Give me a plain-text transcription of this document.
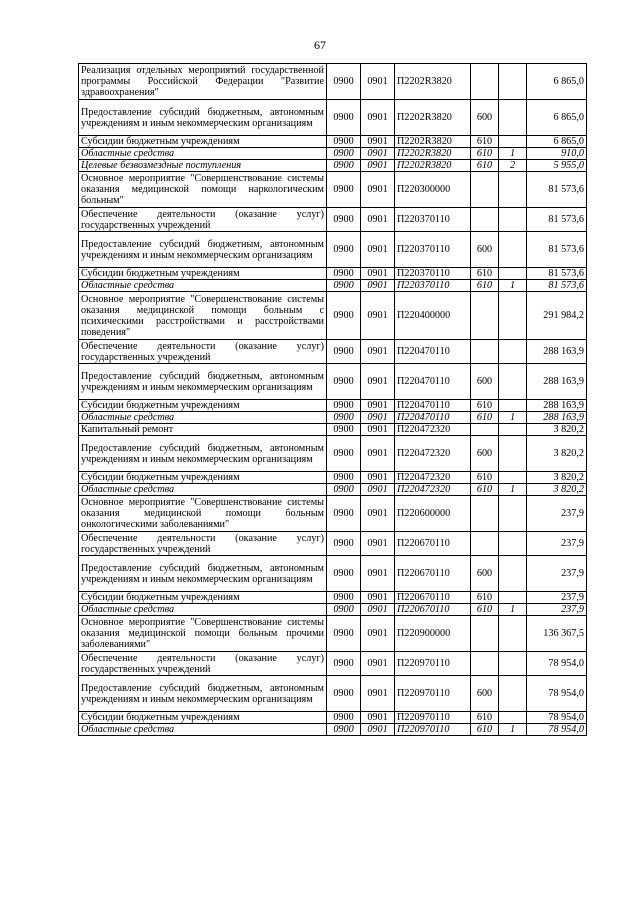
67
Реализация отдельных мероприятий государственной программы Российской Федерации "Развитие здравоохранения"	0900	0901	П2202R3820			6 865,0
Предоставление субсидий бюджетным, автономным учреждениям и иным некоммерческим организациям	0900	0901	П2202R3820	600		6 865,0
Субсидии бюджетным учреждениям	0900	0901	П2202R3820	610		6 865,0
Областные средства	0900	0901	П2202R3820	610	1	910,0
Целевые безвозмездные поступления	0900	0901	П2202R3820	610	2	5 955,0
Основное мероприятие "Совершенствование системы оказания медицинской помощи наркологическим больным"	0900	0901	П220300000			81 573,6
Обеспечение деятельности (оказание услуг) государственных учреждений	0900	0901	П220370110			81 573,6
Предоставление субсидий бюджетным, автономным учреждениям и иным некоммерческим организациям	0900	0901	П220370110	600		81 573,6
Субсидии бюджетным учреждениям	0900	0901	П220370110	610		81 573,6
Областные средства	0900	0901	П220370110	610	1	81 573,6
Основное мероприятие "Совершенствование системы оказания медицинской помощи больным с психическими расстройствами и расстройствами поведения"	0900	0901	П220400000			291 984,2
Обеспечение деятельности (оказание услуг) государственных учреждений	0900	0901	П220470110			288 163,9
Предоставление субсидий бюджетным, автономным учреждениям и иным некоммерческим организациям	0900	0901	П220470110	600		288 163,9
Субсидии бюджетным учреждениям	0900	0901	П220470110	610		288 163,9
Областные средства	0900	0901	П220470110	610	1	288 163,9
Капитальный ремонт	0900	0901	П220472320			3 820,2
Предоставление субсидий бюджетным, автономным учреждениям и иным некоммерческим организациям	0900	0901	П220472320	600		3 820,2
Субсидии бюджетным учреждениям	0900	0901	П220472320	610		3 820,2
Областные средства	0900	0901	П220472320	610	1	3 820,2
Основное мероприятие "Совершенствование системы оказания медицинской помощи больным онкологическими заболеваниями"	0900	0901	П220600000			237,9
Обеспечение деятельности (оказание услуг) государственных учреждений	0900	0901	П220670110			237,9
Предоставление субсидий бюджетным, автономным учреждениям и иным некоммерческим организациям	0900	0901	П220670110	600		237,9
Субсидии бюджетным учреждениям	0900	0901	П220670110	610		237,9
Областные средства	0900	0901	П220670110	610	1	237,9
Основное мероприятие "Совершенствование системы оказания медицинской помощи больным прочими заболеваниями"	0900	0901	П220900000			136 367,5
Обеспечение деятельности (оказание услуг) государственных учреждений	0900	0901	П220970110			78 954,0
Предоставление субсидий бюджетным, автономным учреждениям и иным некоммерческим организациям	0900	0901	П220970110	600		78 954,0
Субсидии бюджетным учреждениям	0900	0901	П220970110	610		78 954,0
Областные средства	0900	0901	П220970110	610	1	78 954,0
